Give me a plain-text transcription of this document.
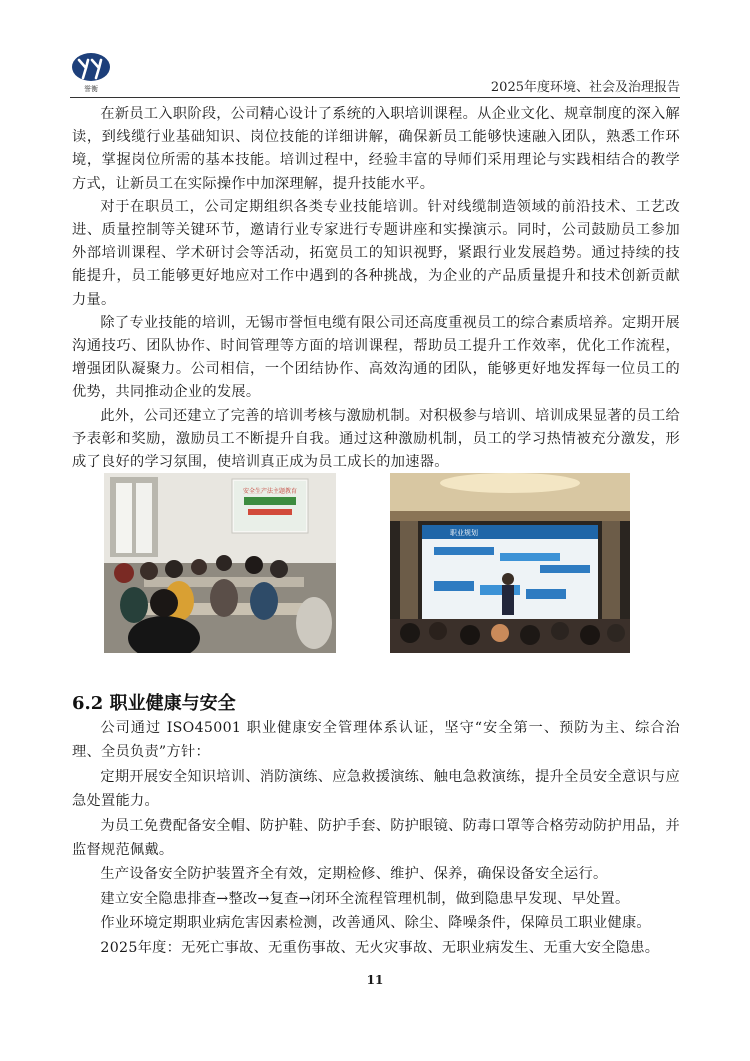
誉衡	2025年度环境、社会及治理报告

在新员工入职阶段，公司精心设计了系统的入职培训课程。从企业文化、规章制度的深入解读，到线缆行业基础知识、岗位技能的详细讲解，确保新员工能够快速融入团队，熟悉工作环境，掌握岗位所需的基本技能。培训过程中，经验丰富的导师们采用理论与实践相结合的教学方式，让新员工在实际操作中加深理解，提升技能水平。

对于在职员工，公司定期组织各类专业技能培训。针对线缆制造领域的前沿技术、工艺改进、质量控制等关键环节，邀请行业专家进行专题讲座和实操演示。同时，公司鼓励员工参加外部培训课程、学术研讨会等活动，拓宽员工的知识视野，紧跟行业发展趋势。通过持续的技能提升，员工能够更好地应对工作中遇到的各种挑战，为企业的产品质量提升和技术创新贡献力量。

除了专业技能的培训，无锡市誉恒电缆有限公司还高度重视员工的综合素质培养。定期开展沟通技巧、团队协作、时间管理等方面的培训课程，帮助员工提升工作效率，优化工作流程，增强团队凝聚力。公司相信，一个团结协作、高效沟通的团队，能够更好地发挥每一位员工的优势，共同推动企业的发展。

此外，公司还建立了完善的培训考核与激励机制。对积极参与培训、培训成果显著的员工给予表彰和奖励，激励员工不断提升自我。通过这种激励机制，员工的学习热情被充分激发，形成了良好的学习氛围，使培训真正成为员工成长的加速器。

安全生产法主题教育
职业规划
6.2 职业健康与安全

公司通过 ISO45001 职业健康安全管理体系认证，坚守“安全第一、预防为主、综合治理、全员负责”方针：

定期开展安全知识培训、消防演练、应急救援演练、触电急救演练，提升全员安全意识与应急处置能力。

为员工免费配备安全帽、防护鞋、防护手套、防护眼镜、防毒口罩等合格劳动防护用品，并监督规范佩戴。

生产设备安全防护装置齐全有效，定期检修、维护、保养，确保设备安全运行。

建立安全隐患排查→整改→复查→闭环全流程管理机制，做到隐患早发现、早处置。

作业环境定期职业病危害因素检测，改善通风、除尘、降噪条件，保障员工职业健康。

2025年度：无死亡事故、无重伤事故、无火灾事故、无职业病发生、无重大安全隐患。

11
